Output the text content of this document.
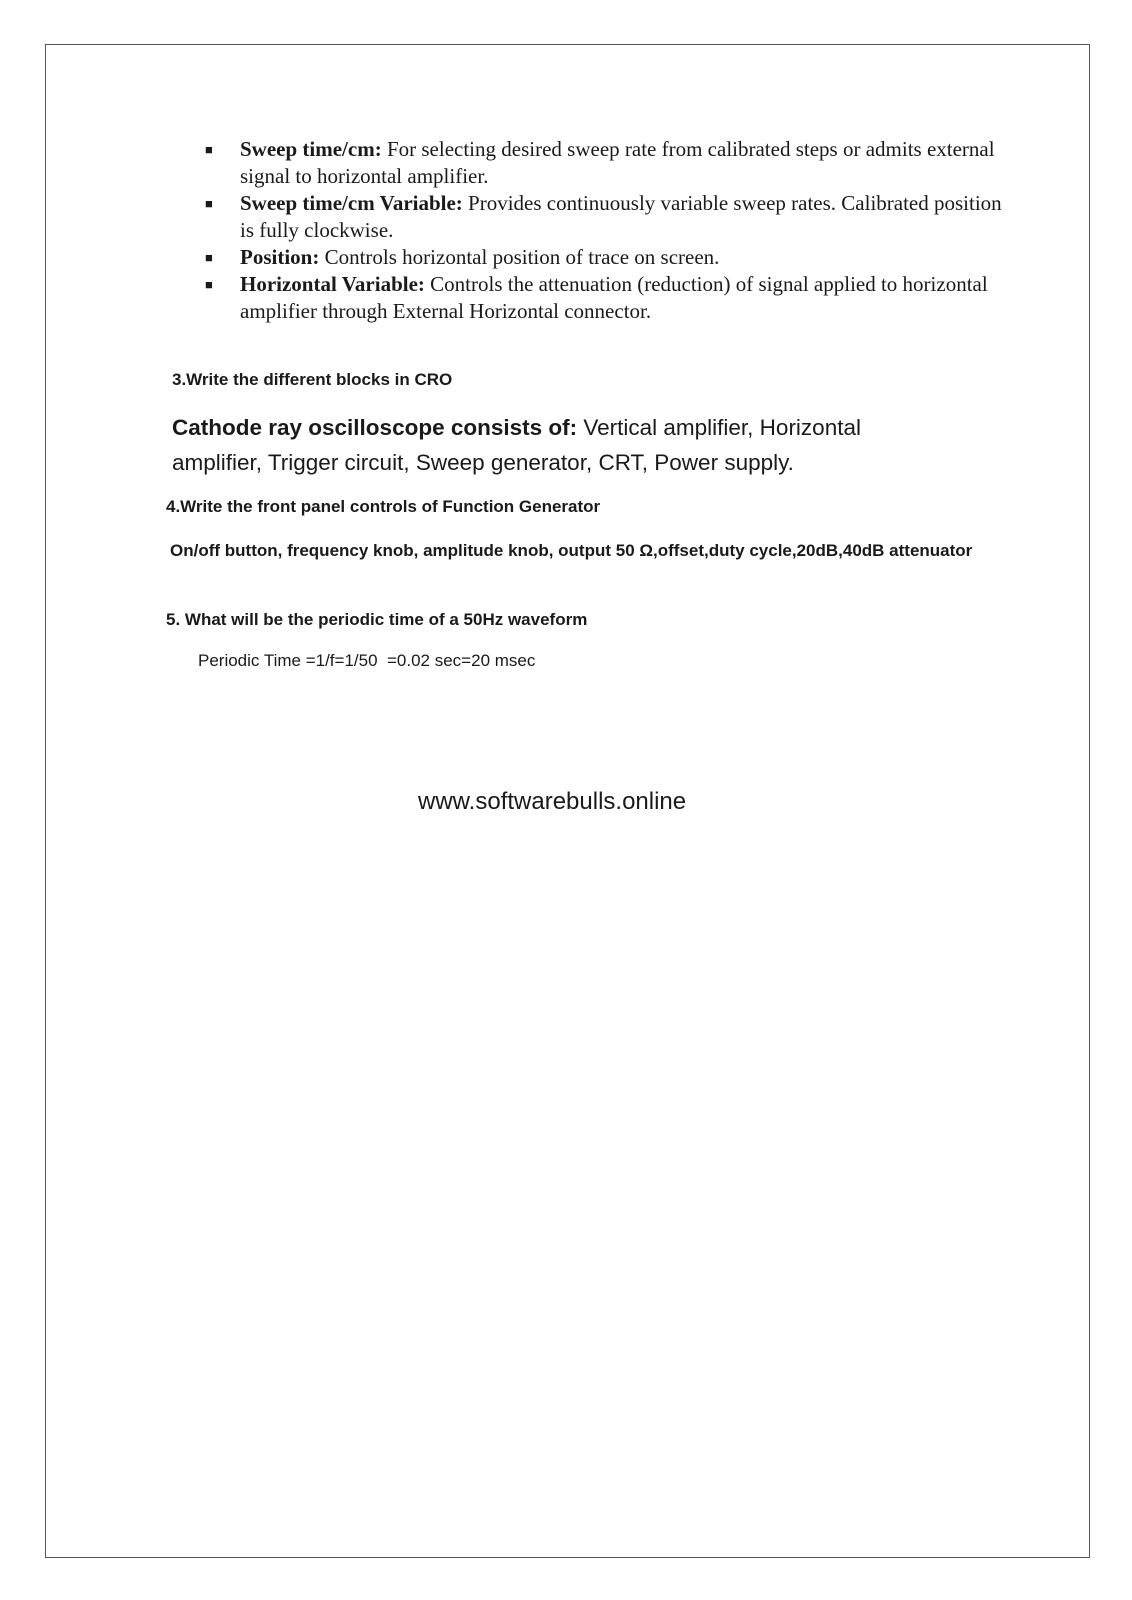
■ Sweep time/cm: For selecting desired sweep rate from calibrated steps or admits external signal to horizontal amplifier.
■ Sweep time/cm Variable: Provides continuously variable sweep rates. Calibrated position is fully clockwise.
■ Position: Controls horizontal position of trace on screen.
■ Horizontal Variable: Controls the attenuation (reduction) of signal applied to horizontal amplifier through External Horizontal connector.
3.Write the different blocks in CRO
Cathode ray oscilloscope consists of: Vertical amplifier, Horizontal amplifier, Trigger circuit, Sweep generator, CRT, Power supply.
4.Write the front panel controls of Function Generator
On/off button, frequency knob, amplitude knob, output 50 Ω,offset,duty cycle,20dB,40dB attenuator
5. What will be the periodic time of a 50Hz waveform
Periodic Time =1/f=1/50  =0.02 sec=20 msec
www.softwarebulls.online
